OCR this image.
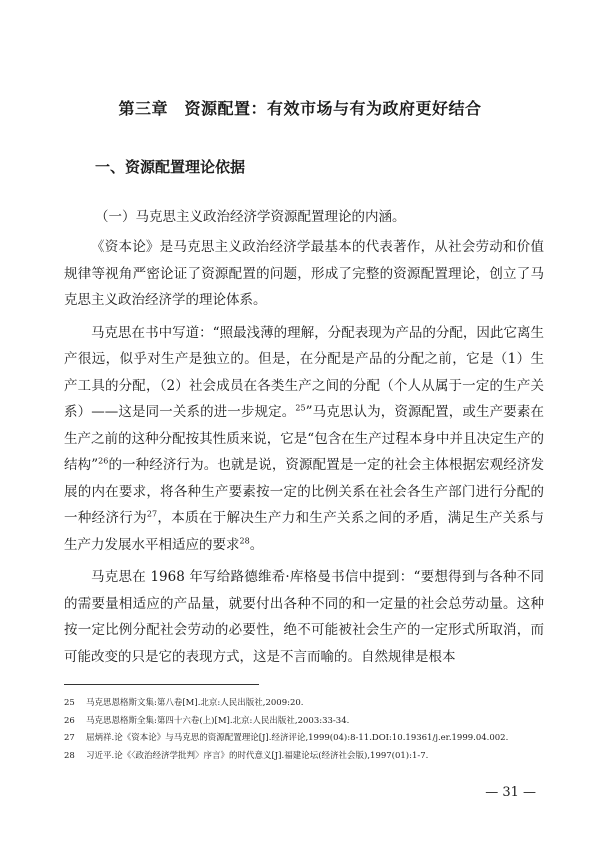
第三章　资源配置：有效市场与有为政府更好结合
一、资源配置理论依据
（一）马克思主义政治经济学资源配置理论的内涵。

《资本论》是马克思主义政治经济学最基本的代表著作，从社会劳动和价值规律等视角严密论证了资源配置的问题，形成了完整的资源配置理论，创立了马克思主义政治经济学的理论体系。

马克思在书中写道：“照最浅薄的理解，分配表现为产品的分配，因此它离生产很远，似乎对生产是独立的。但是，在分配是产品的分配之前，它是（1）生产工具的分配，（2）社会成员在各类生产之间的分配（个人从属于一定的生产关系）——这是同一关系的进一步规定。$^{25}$”马克思认为，资源配置，或生产要素在生产之前的这种分配按其性质来说，它是“包含在生产过程本身中并且决定生产的结构”$^{26}$的一种经济行为。也就是说，资源配置是一定的社会主体根据宏观经济发展的内在要求，将各种生产要素按一定的比例关系在社会各生产部门进行分配的一种经济行为$^{27}$，本质在于解决生产力和生产关系之间的矛盾，满足生产关系与生产力发展水平相适应的要求$^{28}$。

马克思在 1968 年写给路德维希·库格曼书信中提到：“要想得到与各种不同的需要量相适应的产品量，就要付出各种不同的和一定量的社会总劳动量。这种按一定比例分配社会劳动的必要性，绝不可能被社会生产的一定形式所取消，而可能改变的只是它的表现方式，这是不言而喻的。自然规律是根本

25 马克思恩格斯文集:第八卷[M].北京:人民出版社,2009:20.
26 马克思恩格斯全集:第四十六卷(上)[M].北京:人民出版社,2003:33-34.
27 屈炳祥.论《资本论》与马克思的资源配置理论[J].经济评论,1999(04):8-11.DOI:10.19361/j.er.1999.04.002.
28 习近平.论《〈政治经济学批判〉序言》的时代意义[J].福建论坛(经济社会版),1997(01):1-7.
— 31 —
